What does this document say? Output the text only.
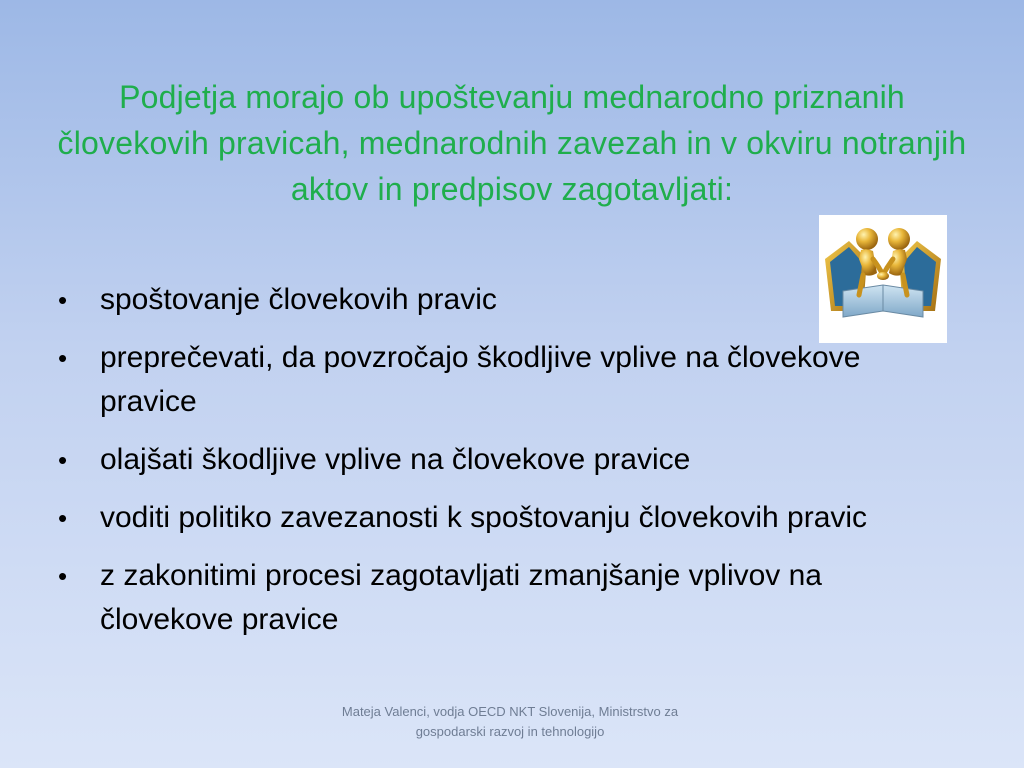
Podjetja morajo ob upoštevanju mednarodno priznanih človekovih pravicah, mednarodnih zavezah in v okviru notranjih aktov in predpisov zagotavljati:
• spoštovanje človekovih pravic
• preprečevati, da povzročajo škodljive vplive na človekove pravice
• olajšati škodljive vplive na človekove pravice
• voditi politiko zavezanosti k spoštovanju človekovih pravic
• z zakonitimi procesi zagotavljati zmanjšanje vplivov na človekove pravice
Mateja Valenci, vodja OECD NKT Slovenija, Ministrstvo za gospodarski razvoj in tehnologijo
